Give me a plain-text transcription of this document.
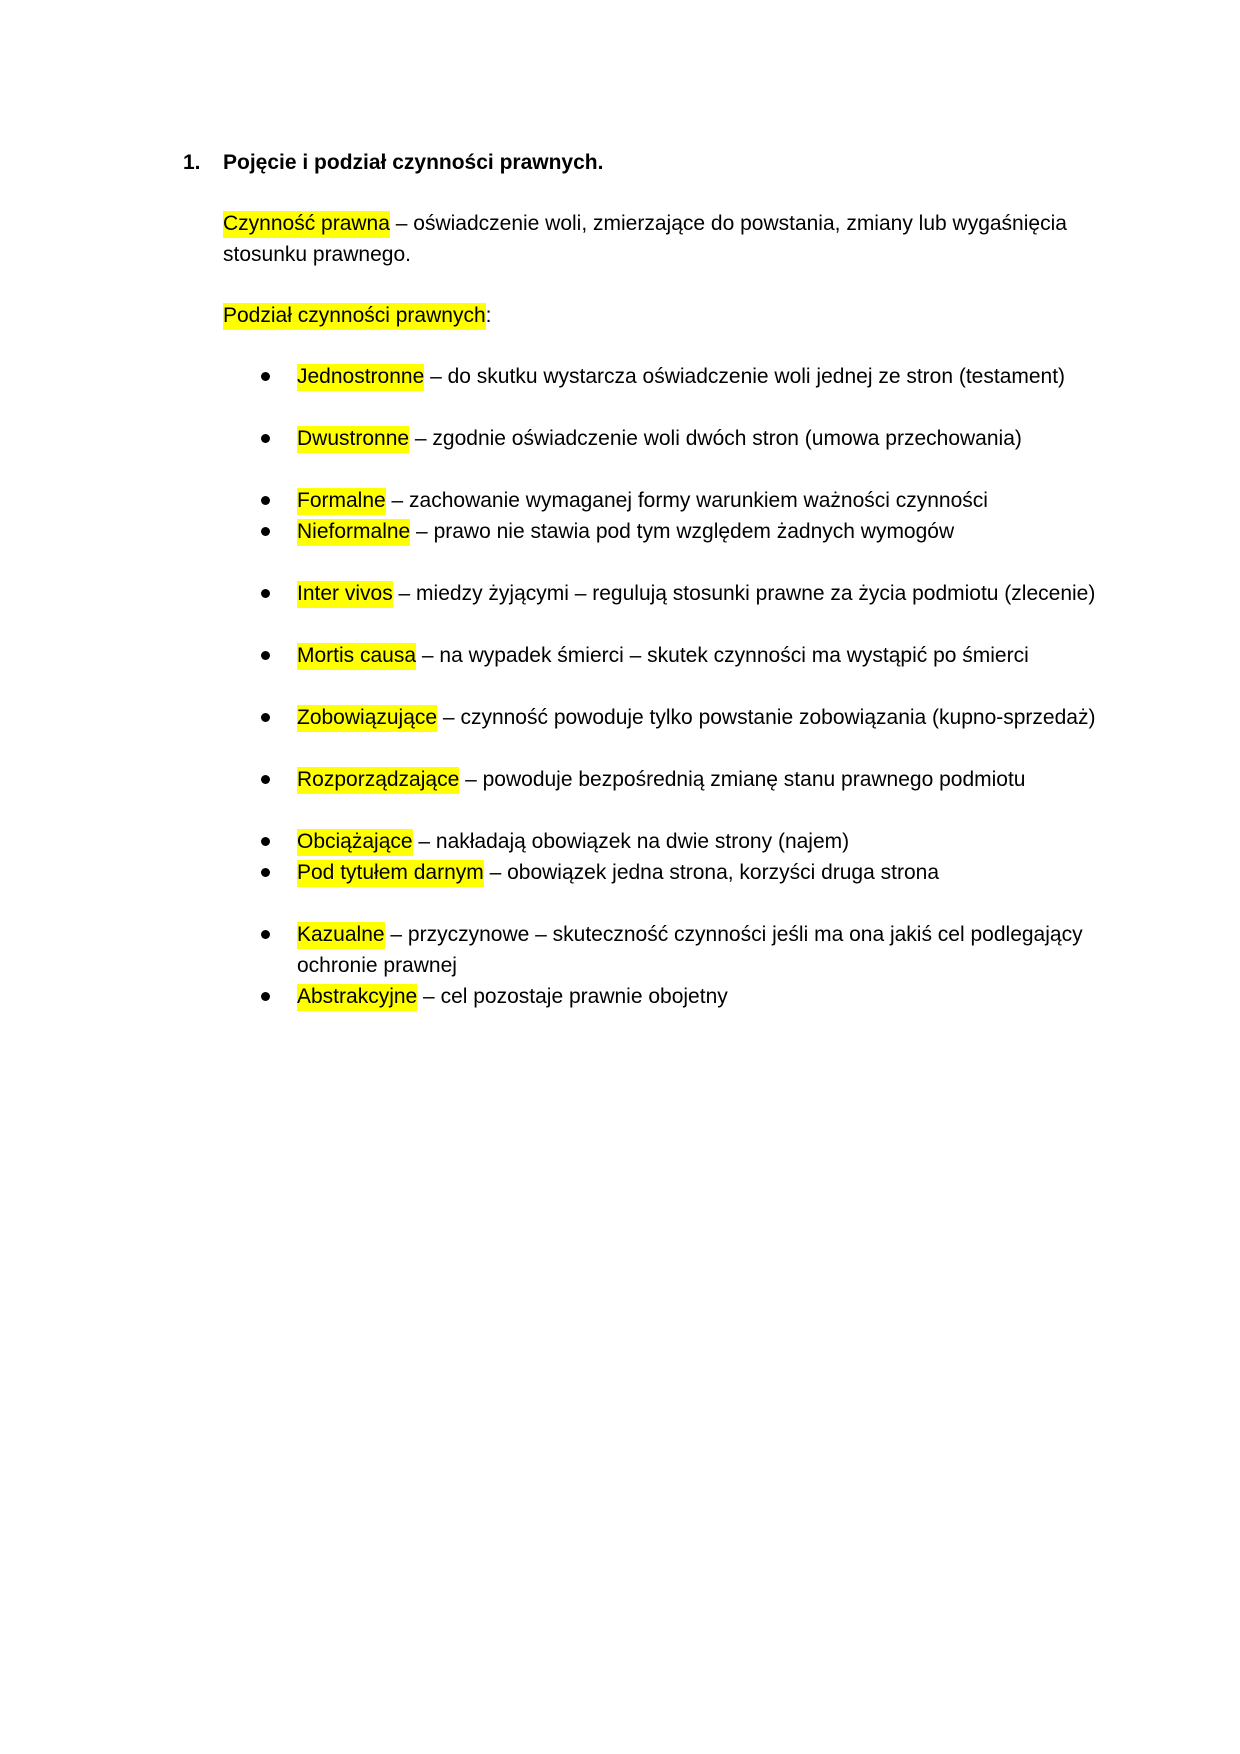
1. Pojęcie i podział czynności prawnych.
Czynność prawna – oświadczenie woli, zmierzające do powstania, zmiany lub wygaśnięcia stosunku prawnego.
Podział czynności prawnych:
Jednostronne – do skutku wystarcza oświadczenie woli jednej ze stron (testament)
Dwustronne – zgodnie oświadczenie woli dwóch stron (umowa przechowania)
Formalne – zachowanie wymaganej formy warunkiem ważności czynności
Nieformalne – prawo nie stawia pod tym względem żadnych wymogów
Inter vivos – miedzy żyjącymi – regulują stosunki prawne za życia podmiotu (zlecenie)
Mortis causa – na wypadek śmierci – skutek czynności ma wystąpić po śmierci
Zobowiązujące – czynność powoduje tylko powstanie zobowiązania (kupno-sprzedaż)
Rozporządzające – powoduje bezpośrednią zmianę stanu prawnego podmiotu
Obciążające – nakładają obowiązek na dwie strony (najem)
Pod tytułem darnym – obowiązek jedna strona, korzyści druga strona
Kazualne – przyczynowe – skuteczność czynności jeśli ma ona jakiś cel podlegający ochronie prawnej
Abstrakcyjne – cel pozostaje prawnie obojetny
